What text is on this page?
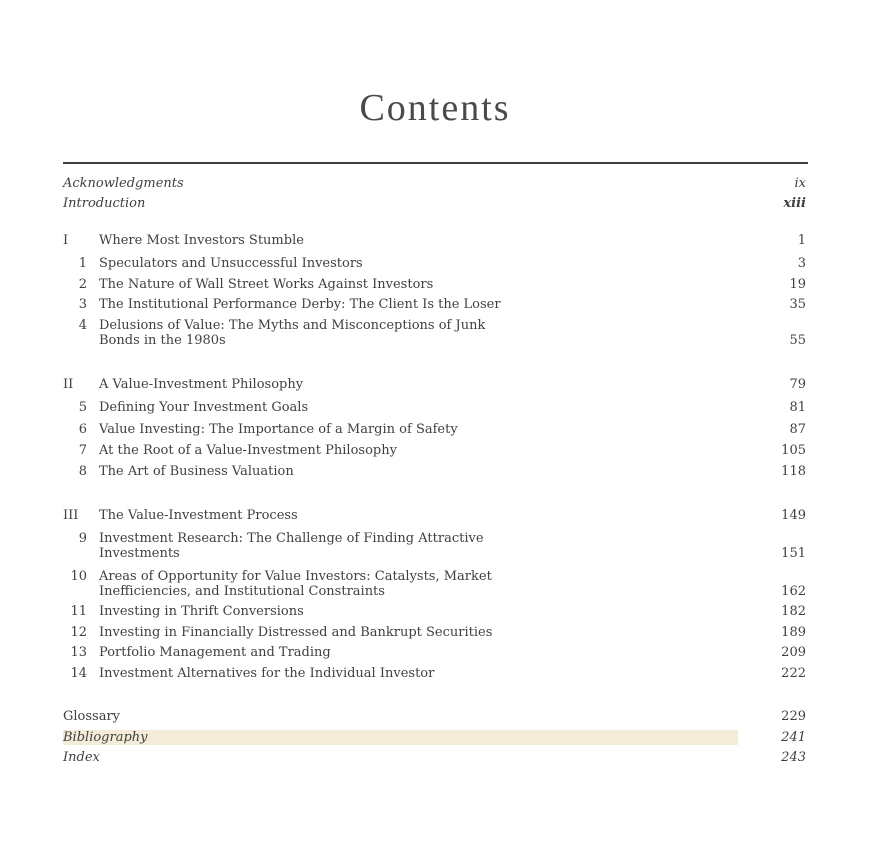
Contents
Acknowledgments	ix
Introduction	xiii
I	Where Most Investors Stumble	1
1 Speculators and Unsuccessful Investors	3
2 The Nature of Wall Street Works Against Investors	19
3 The Institutional Performance Derby: The Client Is the Loser	35
4 Delusions of Value: The Myths and Misconceptions of Junk
Bonds in the 1980s	55
II	A Value-Investment Philosophy	79
5 Defining Your Investment Goals	81
6 Value Investing: The Importance of a Margin of Safety	87
7 At the Root of a Value-Investment Philosophy	105
8 The Art of Business Valuation	118
III	The Value-Investment Process	149
9 Investment Research: The Challenge of Finding Attractive
Investments	151
10 Areas of Opportunity for Value Investors: Catalysts, Market
Inefficiencies, and Institutional Constraints	162
11 Investing in Thrift Conversions	182
12 Investing in Financially Distressed and Bankrupt Securities	189
13 Portfolio Management and Trading	209
14 Investment Alternatives for the Individual Investor	222
Glossary	229
Bibliography	241
Index	243
